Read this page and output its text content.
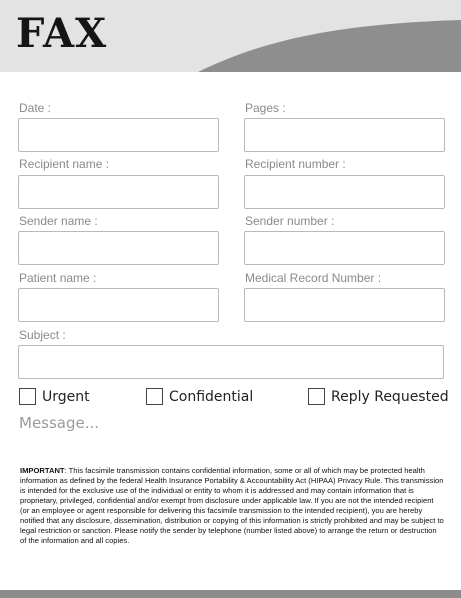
FAX
Date :	Pages :
Recipient name :	Recipient number :
Sender name :	Sender number :
Patient name :	Medical Record Number :
Subject :
Urgent	Confidential	Reply Requested
Message...
IMPORTANT: This facsimile transmission contains confidential information, some or all of which may be protected health information as defined by the federal Health Insurance Portability & Accountability Act (HIPAA) Privacy Rule. This transmission is intended for the exclusive use of the individual or entity to whom it is addressed and may contain information that is proprietary, privileged, confidential and/or exempt from disclosure under applicable law. If you are not the intended recipient (or an employee or agent responsible for delivering this facsimile transmission to the intended recipient), you are hereby notified that any disclosure, dissemination, distribution or copying of this information is strictly prohibited and may be subject to legal restriction or sanction. Please notify the sender by telephone (number listed above) to arrange the return or destruction of the information and all copies.
